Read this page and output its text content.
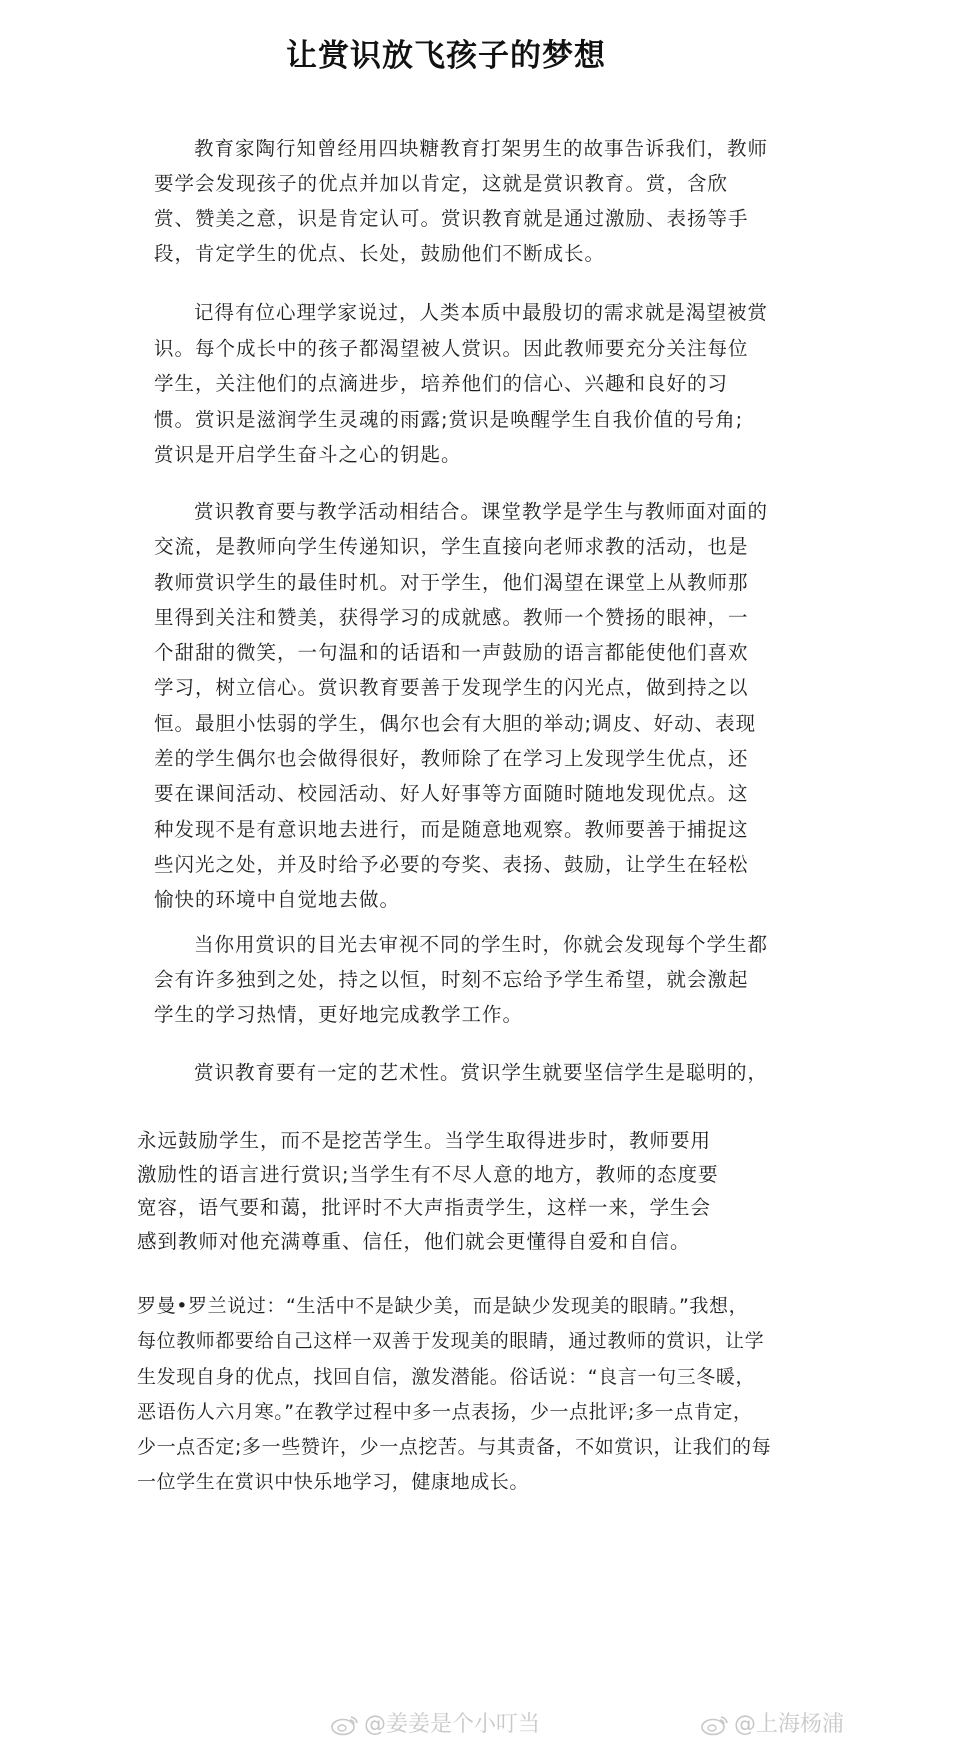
让赏识放飞孩子的梦想
教育家陶行知曾经用四块糖教育打架男生的故事告诉我们，教师
要学会发现孩子的优点并加以肯定，这就是赏识教育。赏，含欣
赏、赞美之意，识是肯定认可。赏识教育就是通过激励、表扬等手
段，肯定学生的优点、长处，鼓励他们不断成长。
记得有位心理学家说过，人类本质中最殷切的需求就是渴望被赏
识。每个成长中的孩子都渴望被人赏识。因此教师要充分关注每位
学生，关注他们的点滴进步，培养他们的信心、兴趣和良好的习
惯。赏识是滋润学生灵魂的雨露;赏识是唤醒学生自我价值的号角;
赏识是开启学生奋斗之心的钥匙。
赏识教育要与教学活动相结合。课堂教学是学生与教师面对面的
交流，是教师向学生传递知识，学生直接向老师求教的活动，也是
教师赏识学生的最佳时机。对于学生，他们渴望在课堂上从教师那
里得到关注和赞美，获得学习的成就感。教师一个赞扬的眼神，一
个甜甜的微笑，一句温和的话语和一声鼓励的语言都能使他们喜欢
学习，树立信心。赏识教育要善于发现学生的闪光点，做到持之以
恒。最胆小怯弱的学生，偶尔也会有大胆的举动;调皮、好动、表现
差的学生偶尔也会做得很好，教师除了在学习上发现学生优点，还
要在课间活动、校园活动、好人好事等方面随时随地发现优点。这
种发现不是有意识地去进行，而是随意地观察。教师要善于捕捉这
些闪光之处，并及时给予必要的夸奖、表扬、鼓励，让学生在轻松
愉快的环境中自觉地去做。
当你用赏识的目光去审视不同的学生时，你就会发现每个学生都
会有许多独到之处，持之以恒，时刻不忘给予学生希望，就会激起
学生的学习热情，更好地完成教学工作。
赏识教育要有一定的艺术性。赏识学生就要坚信学生是聪明的，
永远鼓励学生，而不是挖苦学生。当学生取得进步时，教师要用
激励性的语言进行赏识;当学生有不尽人意的地方，教师的态度要
宽容，语气要和蔼，批评时不大声指责学生，这样一来，学生会
感到教师对他充满尊重、信任，他们就会更懂得自爱和自信。
罗曼•罗兰说过：“生活中不是缺少美，而是缺少发现美的眼睛。”我想，
每位教师都要给自己这样一双善于发现美的眼睛，通过教师的赏识，让学
生发现自身的优点，找回自信，激发潜能。俗话说：“良言一句三冬暖，
恶语伤人六月寒。”在教学过程中多一点表扬，少一点批评;多一点肯定，
少一点否定;多一些赞许，少一点挖苦。与其责备，不如赏识，让我们的每
一位学生在赏识中快乐地学习，健康地成长。
@姜姜是个小叮当	@上海杨浦
